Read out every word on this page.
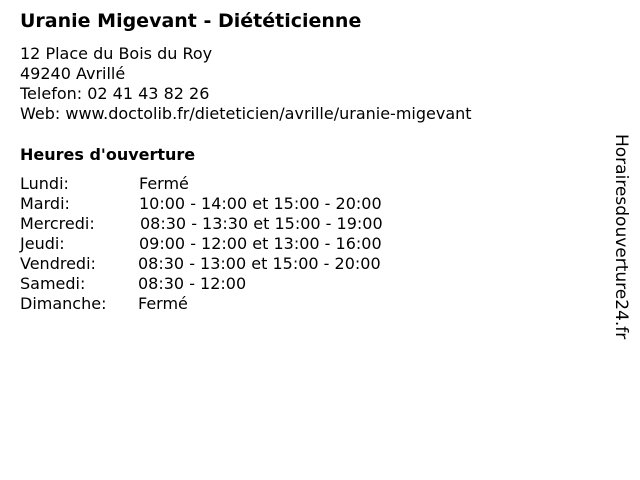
Uranie Migevant - Diététicienne
12 Place du Bois du Roy
49240 Avrillé
Telefon: 02 41 43 82 26
Web: www.doctolib.fr/dieteticien/avrille/uranie-migevant
Heures d'ouverture
Lundi:	Fermé
Mardi:	10:00 - 14:00 et 15:00 - 20:00
Mercredi:	08:30 - 13:30 et 15:00 - 19:00
Jeudi:	09:00 - 12:00 et 13:00 - 16:00
Vendredi:	08:30 - 13:00 et 15:00 - 20:00
Samedi:	08:30 - 12:00
Dimanche: Fermé	Horairesdouverture24.fr
